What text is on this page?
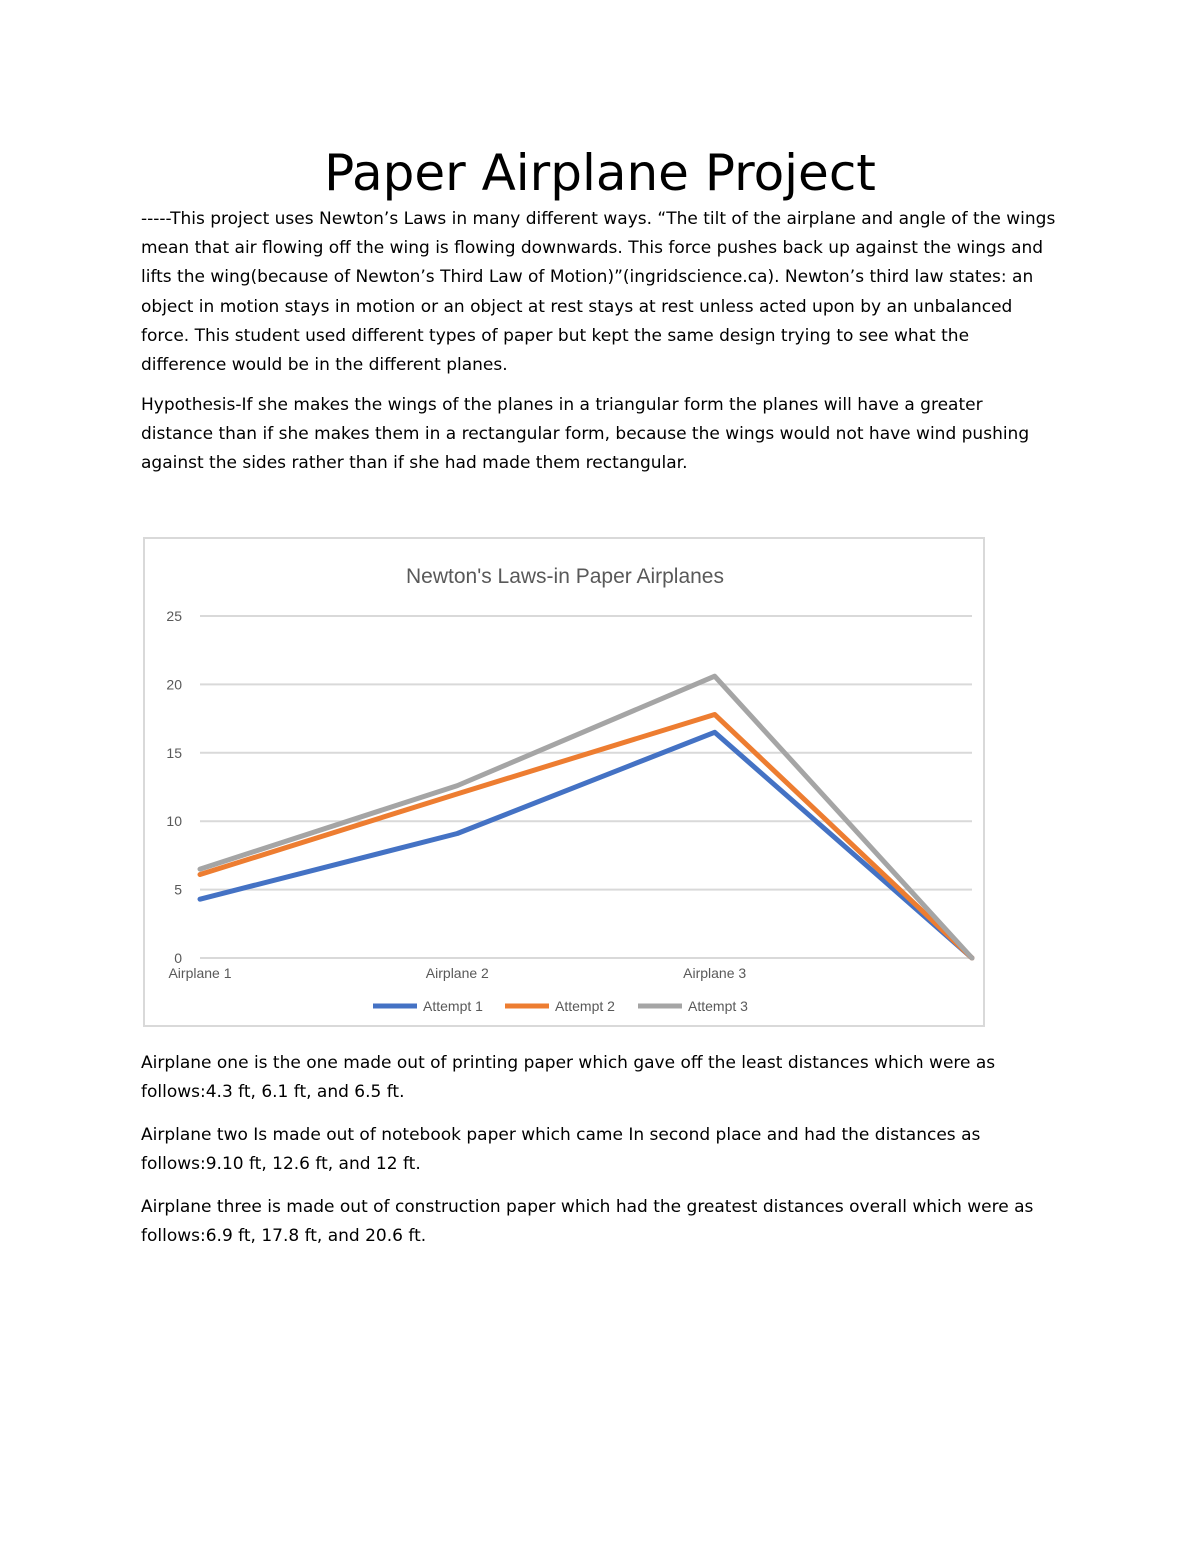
Paper Airplane Project

-----This project uses Newton’s Laws in many different ways. “The tilt of the airplane and angle of the wings mean that air flowing off the wing is flowing downwards. This force pushes back up against the wings and lifts the wing(because of Newton’s Third Law of Motion)”(ingridscience.ca). Newton’s third law states: an object in motion stays in motion or an object at rest stays at rest unless acted upon by an unbalanced force. This student used different types of paper but kept the same design trying to see what the difference would be in the different planes.

Hypothesis-If she makes the wings of the planes in a triangular form the planes will have a greater distance than if she makes them in a rectangular form, because the wings would not have wind pushing against the sides rather than if she had made them rectangular.

0
5
10
15
20
25
Airplane 1	Airplane 2	Airplane 3
Newton's Laws-in Paper Airplanes
Attempt 1	Attempt 2	Attempt 3

Airplane one is the one made out of printing paper which gave off the least distances which were as follows:4.3 ft, 6.1 ft, and 6.5 ft.

Airplane two Is made out of notebook paper which came In second place and had the distances as follows:9.10 ft, 12.6 ft, and 12 ft.

Airplane three is made out of construction paper which had the greatest distances overall which were as follows:6.9 ft, 17.8 ft, and 20.6 ft.
